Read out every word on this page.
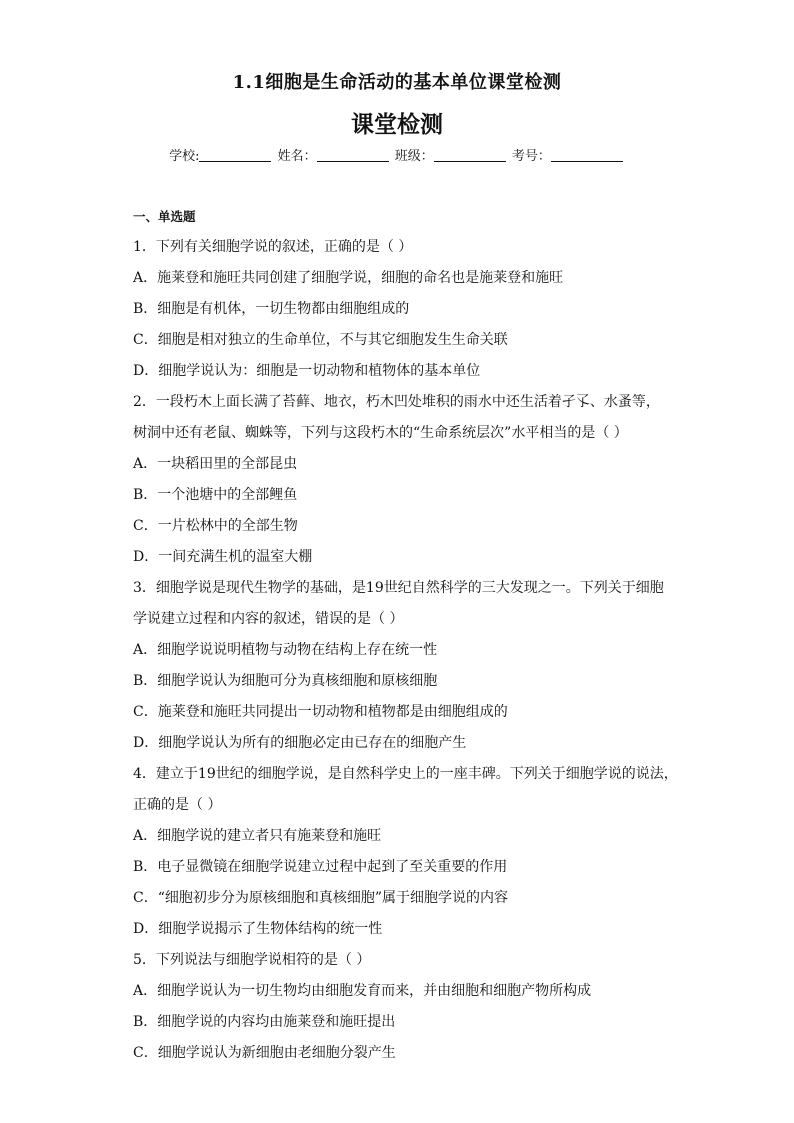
1.1细胞是生命活动的基本单位课堂检测
课堂检测
学校:	姓名：	班级：	考号：
一、单选题
1．下列有关细胞学说的叙述，正确的是（ ）
A．施莱登和施旺共同创建了细胞学说，细胞的命名也是施莱登和施旺
B．细胞是有机体，一切生物都由细胞组成的
C．细胞是相对独立的生命单位，不与其它细胞发生生命关联
D．细胞学说认为：细胞是一切动物和植物体的基本单位
2．一段朽木上面长满了苔藓、地衣，朽木凹处堆积的雨水中还生活着孑孓、水蚤等，
树洞中还有老鼠、蜘蛛等，下列与这段朽木的“生命系统层次”水平相当的是（ ）
A．一块稻田里的全部昆虫
B．一个池塘中的全部鲤鱼
C．一片松林中的全部生物
D．一间充满生机的温室大棚
3．细胞学说是现代生物学的基础，是19世纪自然科学的三大发现之一。下列关于细胞
学说建立过程和内容的叙述，错误的是（ ）
A．细胞学说说明植物与动物在结构上存在统一性
B．细胞学说认为细胞可分为真核细胞和原核细胞
C．施莱登和施旺共同提出一切动物和植物都是由细胞组成的
D．细胞学说认为所有的细胞必定由已存在的细胞产生
4．建立于19世纪的细胞学说，是自然科学史上的一座丰碑。下列关于细胞学说的说法，
正确的是（ ）
A．细胞学说的建立者只有施莱登和施旺
B．电子显微镜在细胞学说建立过程中起到了至关重要的作用
C．“细胞初步分为原核细胞和真核细胞”属于细胞学说的内容
D．细胞学说揭示了生物体结构的统一性
5．下列说法与细胞学说相符的是（ ）
A．细胞学说认为一切生物均由细胞发育而来，并由细胞和细胞产物所构成
B．细胞学说的内容均由施莱登和施旺提出
C．细胞学说认为新细胞由老细胞分裂产生
